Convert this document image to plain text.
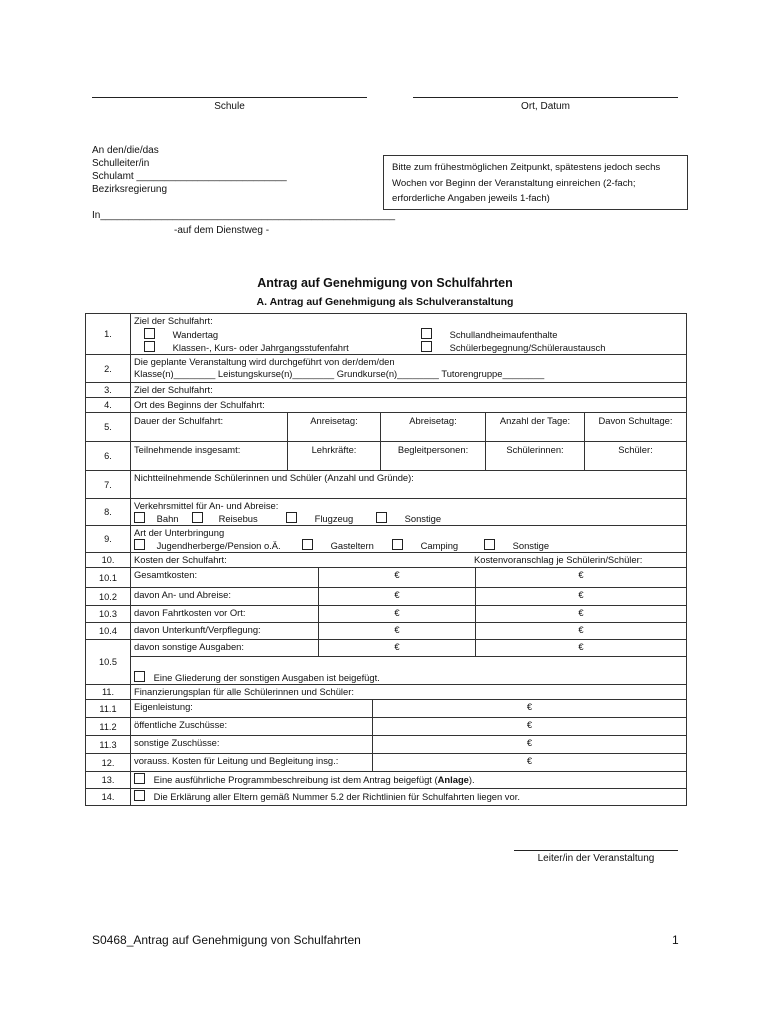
Schule	Ort, Datum
An den/die/das
Schulleiter/in
Schulamt ___________________________
Bezirksregierung
In_____________________________________________________
-auf dem Dienstweg -
Bitte zum frühestmöglichen Zeitpunkt, spätestens jedoch sechs Wochen vor Beginn der Veranstaltung einreichen (2-fach; erforderliche Angaben jeweils 1-fach)
Antrag auf Genehmigung von Schulfahrten
A. Antrag auf Genehmigung als Schulveranstaltung
1.	
Ziel der Schulfahrt:
Wandertag
Klassen-, Kurs- oder Jahrgangsstufenfahrt
Schullandheimaufenthalte
Schülerbegegnung/Schüleraustausch

2.	
Die geplante Veranstaltung wird durchgeführt von der/dem/den
Klasse(n)________ Leistungskurse(n)________ Grundkurse(n)________ Tutorengruppe________

3.	Ziel der Schulfahrt:
4.	Ort des Beginns der Schulfahrt:
5.	
Dauer der Schulfahrt:	Anreisetag:	Abreisetag:	Anzahl der Tage:	Davon Schultage:

6.	
Teilnehmende insgesamt:	Lehrkräfte:	Begleitpersonen:	Schülerinnen:	Schüler:

7.	Nichtteilnehmende Schülerinnen und Schüler (Anzahl und Gründe):
8.	
Verkehrsmittel für An- und Abreise:
Bahn	Reisebus	Flugzeug	Sonstige

9.	
Art der Unterbringung
Jugendherberge/Pension o.Ä.	Gasteltern	Camping	Sonstige

10.	Kosten der Schulfahrt:	Kostenvoranschlag je Schülerin/Schüler:

10.1	Gesamtkosten:	€	€

10.2	davon An- und Abreise:	€	€

10.3	davon Fahrtkosten vor Ort:	€	€

10.4	davon Unterkunft/Verpflegung:	€	€

10.5	
davon sonstige Ausgaben:	€	€
Eine Gliederung der sonstigen Ausgaben ist beigefügt.

11.	Finanzierungsplan für alle Schülerinnen und Schüler:
11.1	Eigenleistung:	€

11.2	öffentliche Zuschüsse:	€

11.3	sonstige Zuschüsse:	€

12.	vorauss. Kosten für Leitung und Begleitung insg.:	€

13.	Eine ausführliche Programmbeschreibung ist dem Antrag beigefügt (Anlage).
14.	Die Erklärung aller Eltern gemäß Nummer 5.2 der Richtlinien für Schulfahrten liegen vor.
Leiter/in der Veranstaltung
S0468_Antrag auf Genehmigung von Schulfahrten	1
